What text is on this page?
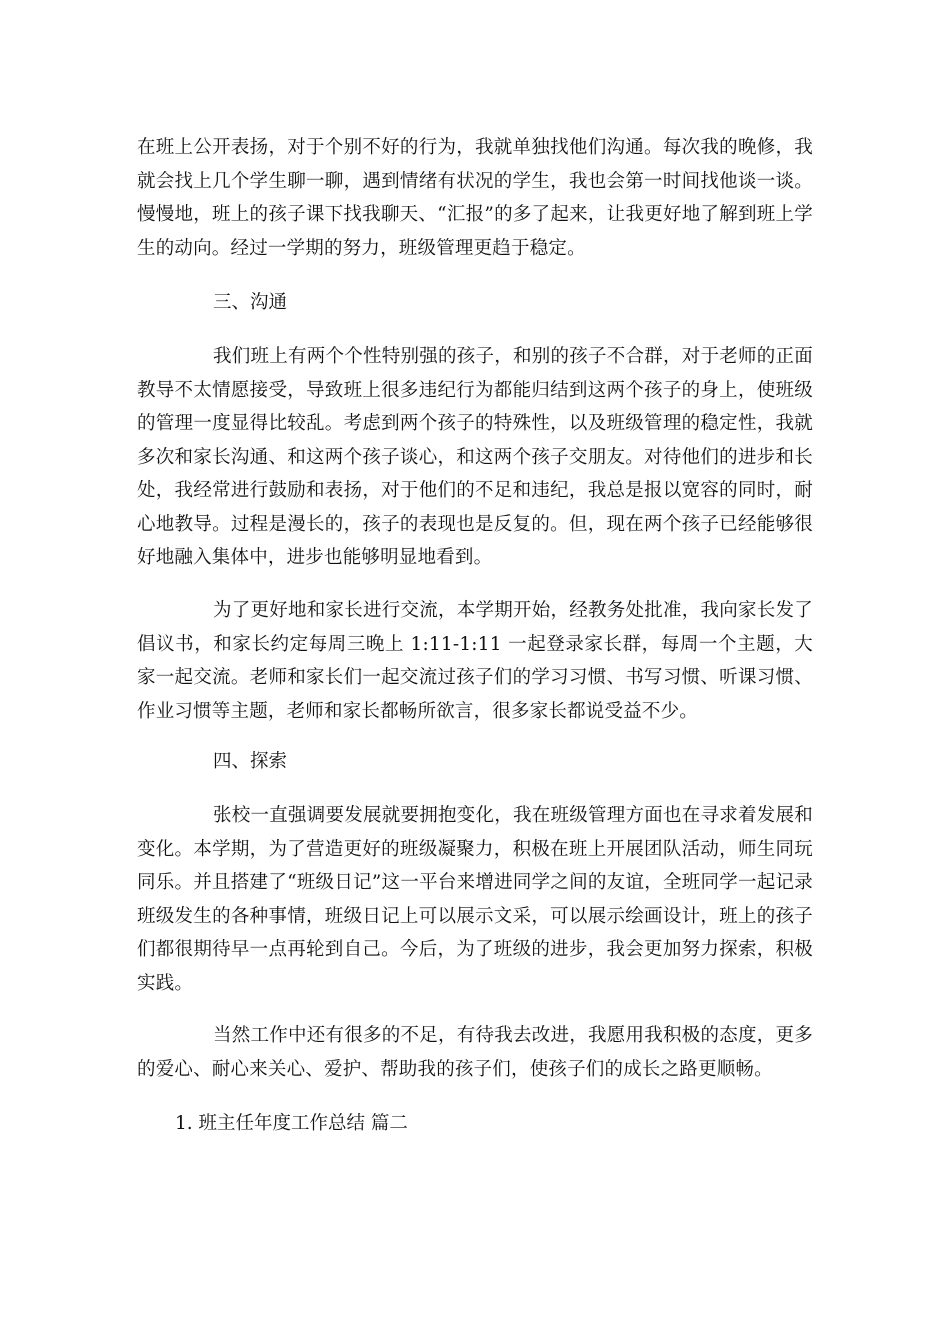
在班上公开表扬，对于个别不好的行为，我就单独找他们沟通。每次我的晚修，我就会找上几个学生聊一聊，遇到情绪有状况的学生，我也会第一时间找他谈一谈。慢慢地，班上的孩子课下找我聊天、“汇报”的多了起来，让我更好地了解到班上学生的动向。经过一学期的努力，班级管理更趋于稳定。

三、沟通

我们班上有两个个性特别强的孩子，和别的孩子不合群，对于老师的正面教导不太情愿接受，导致班上很多违纪行为都能归结到这两个孩子的身上，使班级的管理一度显得比较乱。考虑到两个孩子的特殊性，以及班级管理的稳定性，我就多次和家长沟通、和这两个孩子谈心，和这两个孩子交朋友。对待他们的进步和长处，我经常进行鼓励和表扬，对于他们的不足和违纪，我总是报以宽容的同时，耐心地教导。过程是漫长的，孩子的表现也是反复的。但，现在两个孩子已经能够很好地融入集体中，进步也能够明显地看到。

为了更好地和家长进行交流，本学期开始，经教务处批准，我向家长发了倡议书，和家长约定每周三晚上 1:11-1:11 一起登录家长群，每周一个主题，大家一起交流。老师和家长们一起交流过孩子们的学习习惯、书写习惯、听课习惯、作业习惯等主题，老师和家长都畅所欲言，很多家长都说受益不少。

四、探索

张校一直强调要发展就要拥抱变化，我在班级管理方面也在寻求着发展和变化。本学期，为了营造更好的班级凝聚力，积极在班上开展团队活动，师生同玩同乐。并且搭建了“班级日记”这一平台来增进同学之间的友谊，全班同学一起记录班级发生的各种事情，班级日记上可以展示文采，可以展示绘画设计，班上的孩子们都很期待早一点再轮到自己。今后，为了班级的进步，我会更加努力探索，积极实践。

当然工作中还有很多的不足，有待我去改进，我愿用我积极的态度，更多的爱心、耐心来关心、爱护、帮助我的孩子们，使孩子们的成长之路更顺畅。

1. 班主任年度工作总结 篇二
